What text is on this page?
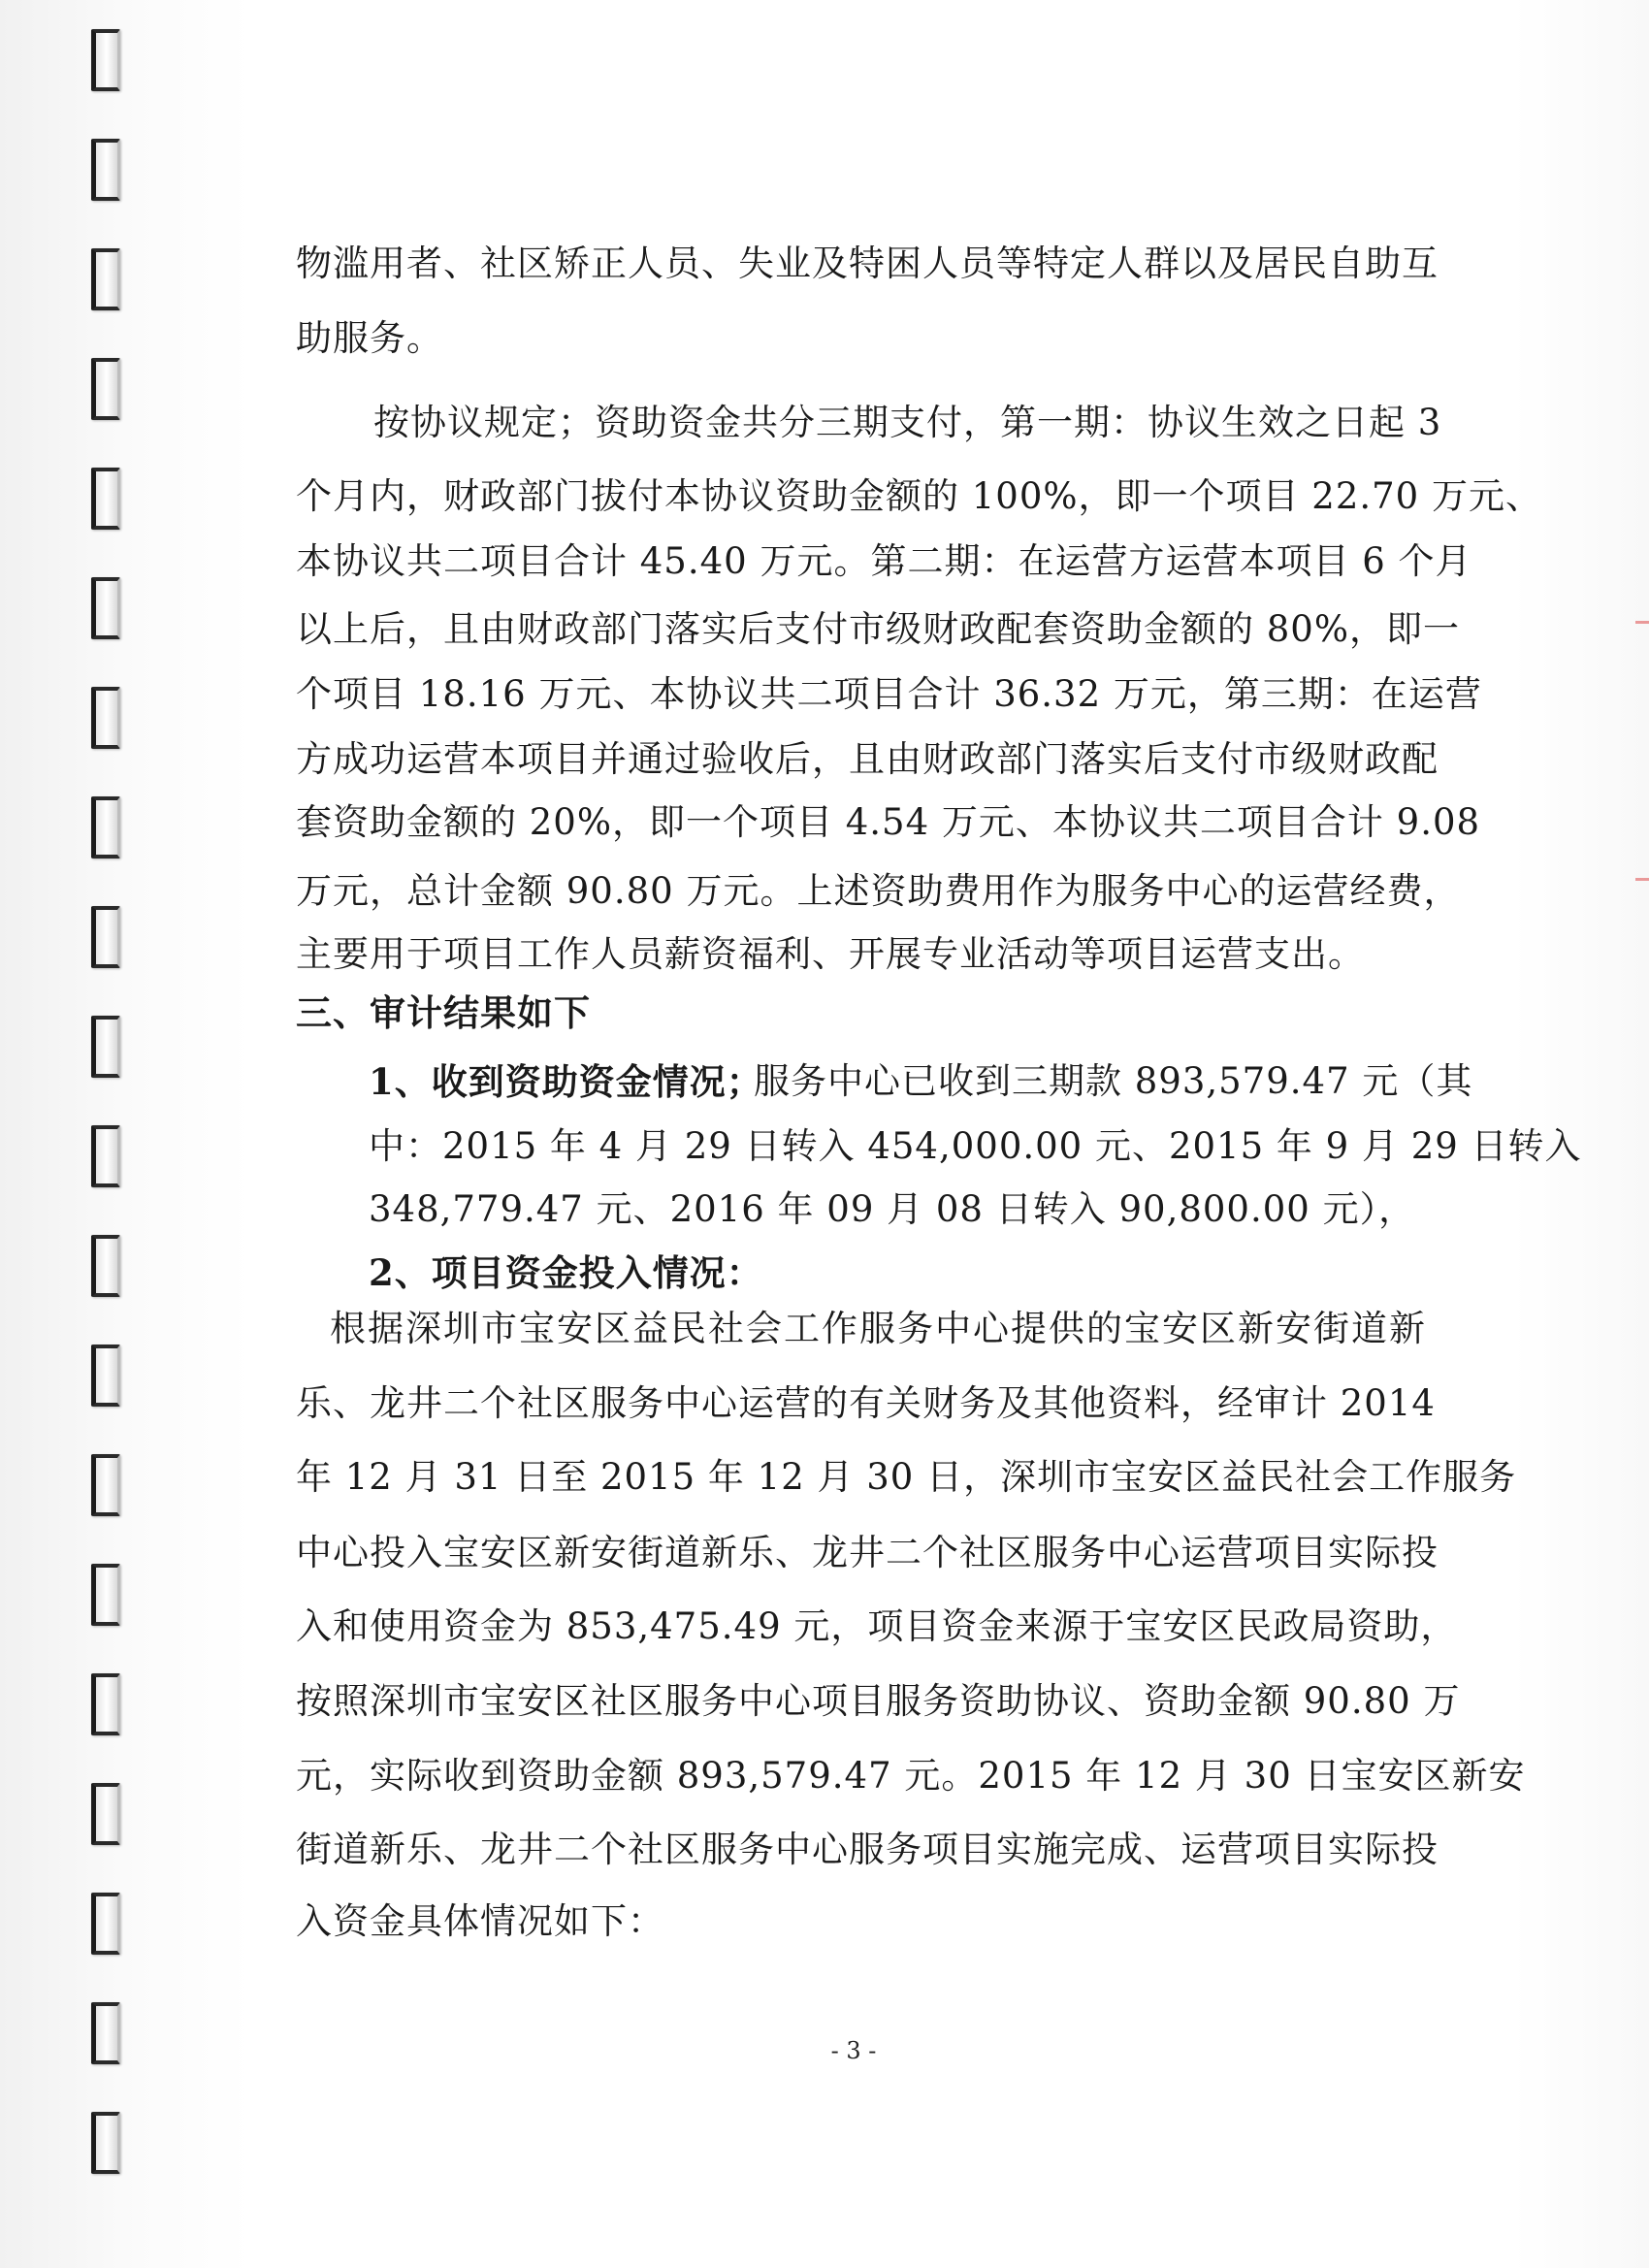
物滥用者、社区矫正人员、失业及特困人员等特定人群以及居民自助互
助服务。
按协议规定；资助资金共分三期支付，第一期：协议生效之日起 3
个月内，财政部门拔付本协议资助金额的 100%，即一个项目 22.70 万元、
本协议共二项目合计 45.40 万元。第二期：在运营方运营本项目 6 个月
以上后，且由财政部门落实后支付市级财政配套资助金额的 80%，即一
个项目 18.16 万元、本协议共二项目合计 36.32 万元，第三期：在运营
方成功运营本项目并通过验收后，且由财政部门落实后支付市级财政配
套资助金额的 20%，即一个项目 4.54 万元、本协议共二项目合计 9.08
万元，总计金额 90.80 万元。上述资助费用作为服务中心的运营经费，
主要用于项目工作人员薪资福利、开展专业活动等项目运营支出。
三、审计结果如下
1、收到资助资金情况；
服务中心已收到三期款 893,579.47 元（其
中：2015 年 4 月 29 日转入 454,000.00 元、2015 年 9 月 29 日转入
348,779.47 元、2016 年 09 月 08 日转入 90,800.00 元），
2、项目资金投入情况：
根据深圳市宝安区益民社会工作服务中心提供的宝安区新安街道新
乐、龙井二个社区服务中心运营的有关财务及其他资料，经审计 2014
年 12 月 31 日至 2015 年 12 月 30 日，深圳市宝安区益民社会工作服务
中心投入宝安区新安街道新乐、龙井二个社区服务中心运营项目实际投
入和使用资金为 853,475.49 元，项目资金来源于宝安区民政局资助，
按照深圳市宝安区社区服务中心项目服务资助协议、资助金额 90.80 万
元，实际收到资助金额 893,579.47 元。2015 年 12 月 30 日宝安区新安
街道新乐、龙井二个社区服务中心服务项目实施完成、运营项目实际投
入资金具体情况如下：
- 3 -
